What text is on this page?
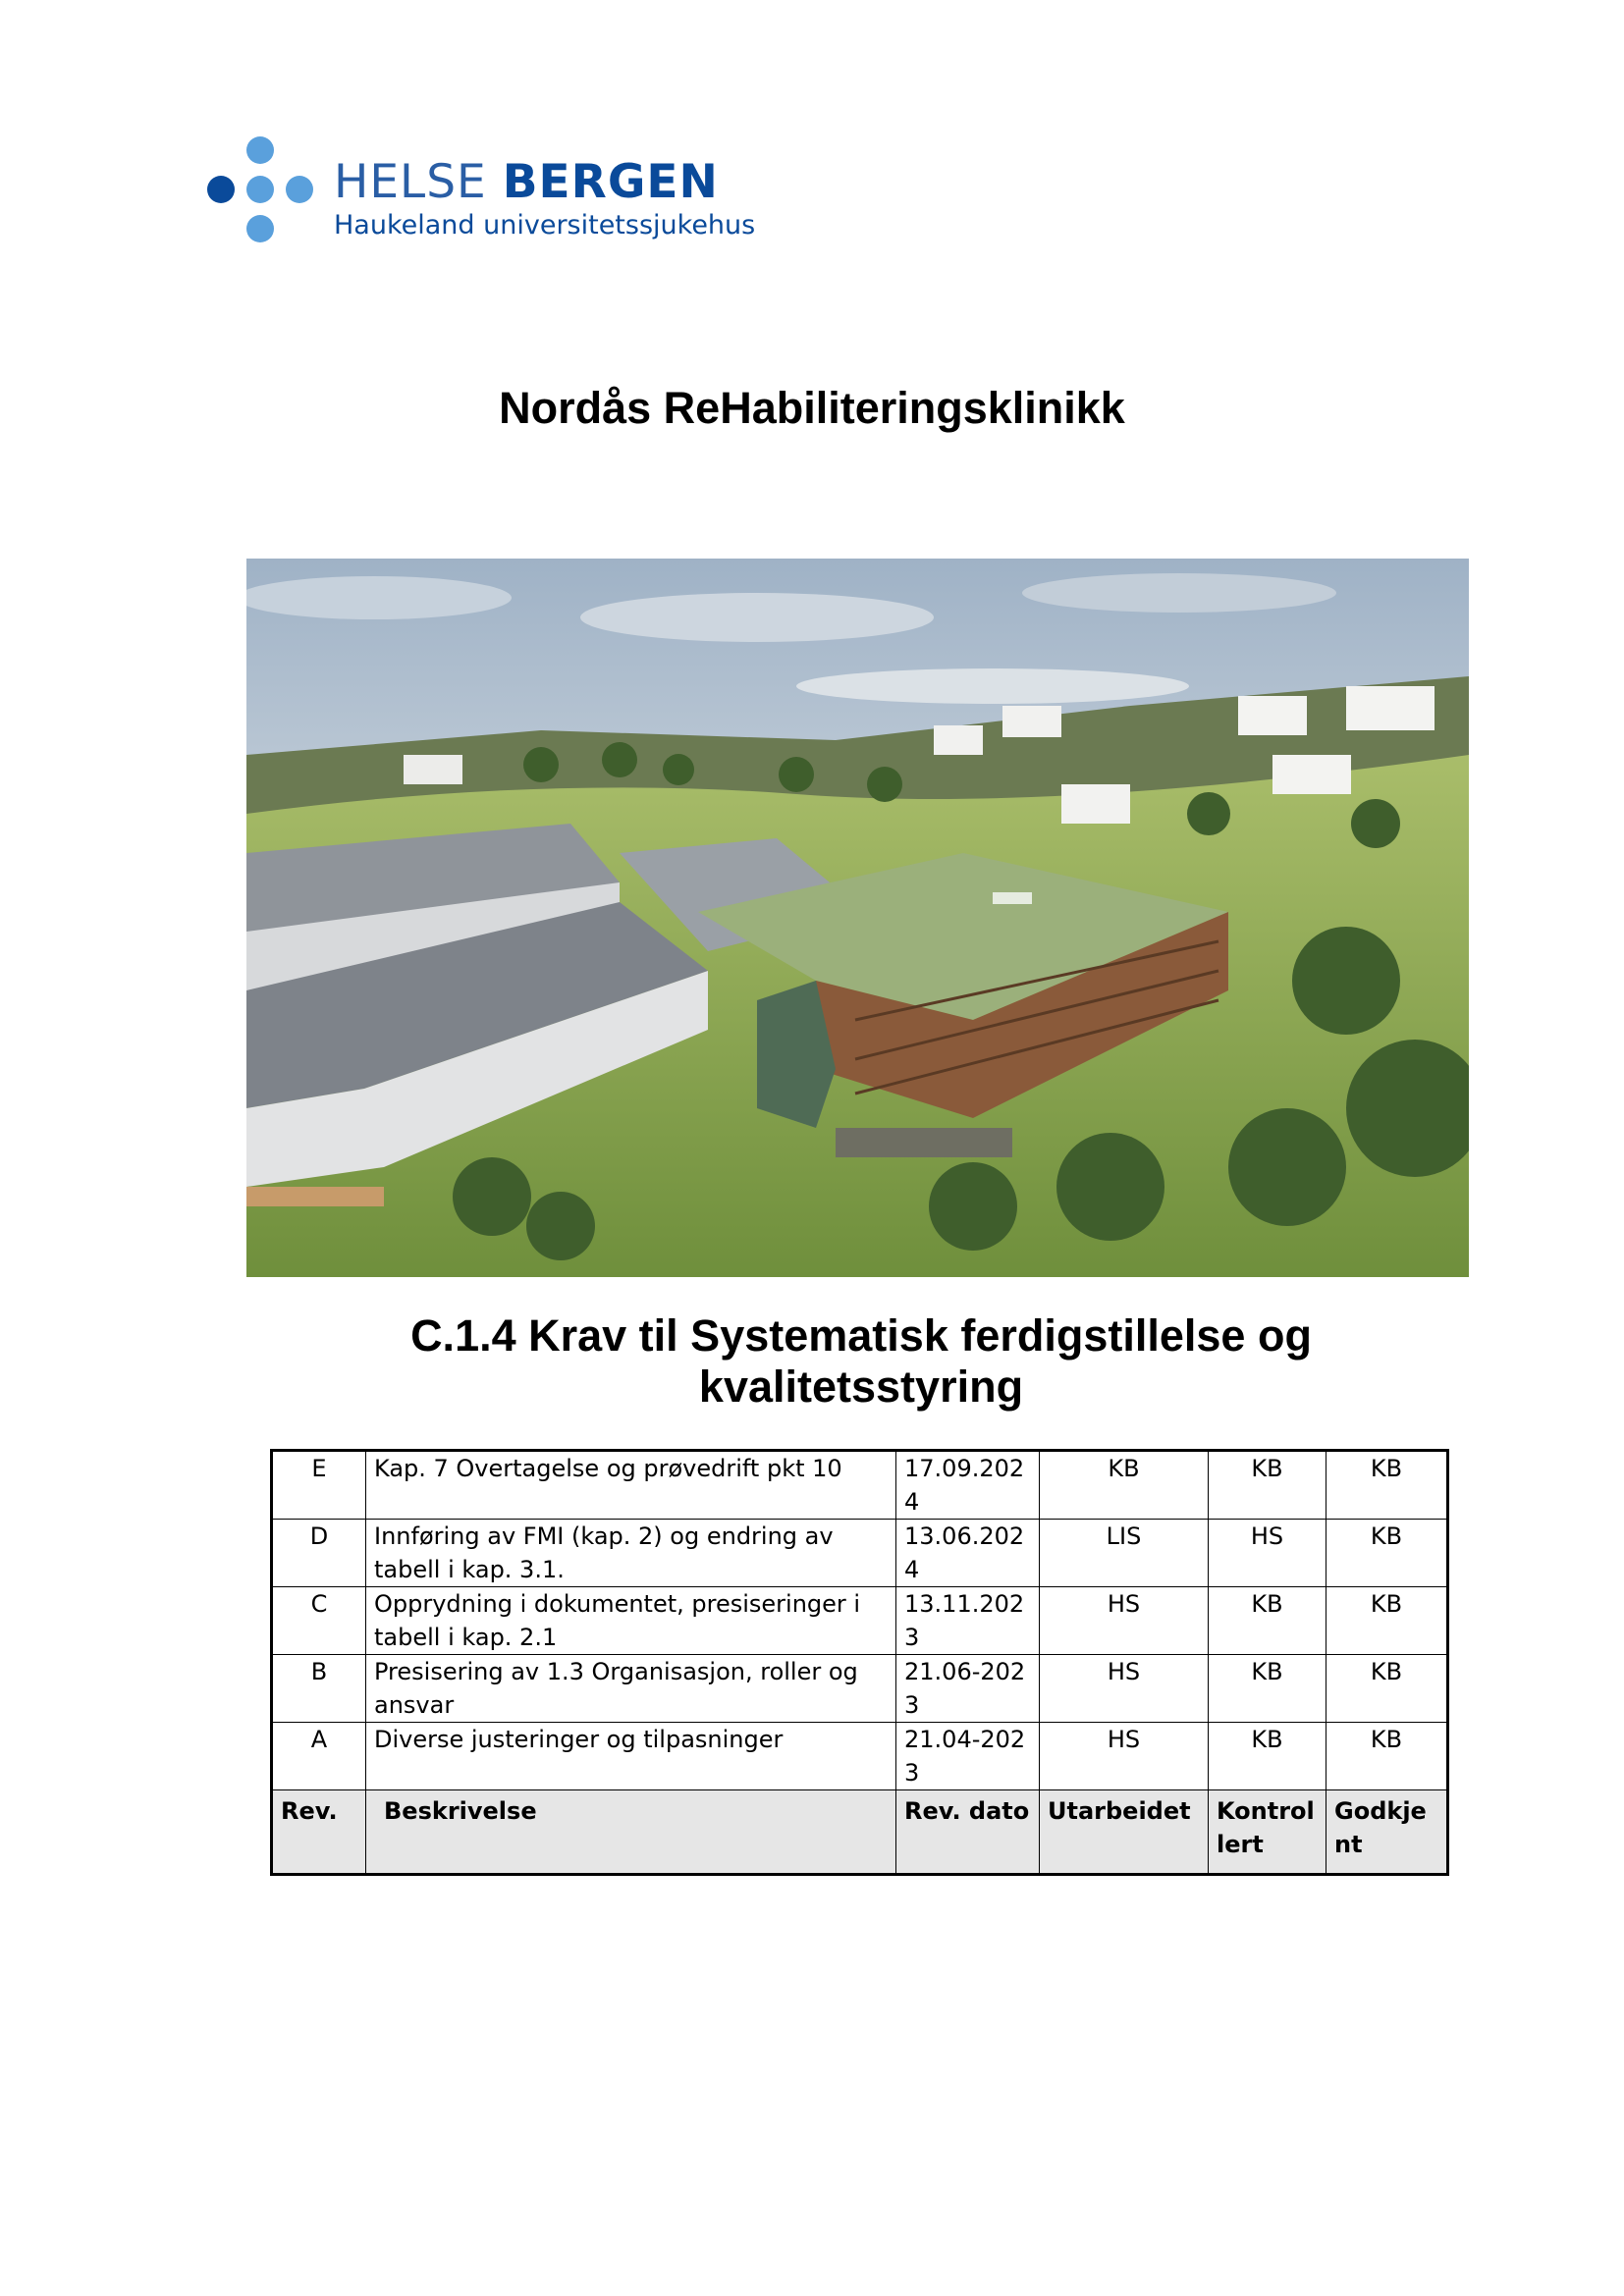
HELSE BERGEN
Haukeland universitetssjukehus
Nordås ReHabiliteringsklinikk
C.1.4 Krav til Systematisk ferdigstillelse og kvalitetsstyring
E	Kap. 7 Overtagelse og prøvedrift pkt 10	17.09.2024	KB	KB	KB
D	Innføring av FMI (kap. 2) og endring av tabell i kap. 3.1.	13.06.2024	LIS	HS	KB
C	Opprydning i dokumentet, presiseringer i tabell i kap. 2.1	13.11.2023	HS	KB	KB
B	Presisering av 1.3 Organisasjon, roller og ansvar	21.06-2023	HS	KB	KB
A	Diverse justeringer og tilpasninger	21.04-2023	HS	KB	KB
Rev.	Beskrivelse	Rev. dato	Utarbeidet	Kontrollert	Godkjent
